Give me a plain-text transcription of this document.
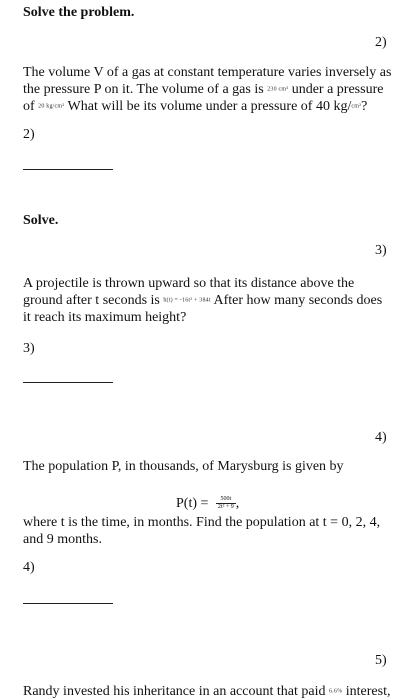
Solve the problem.
2)
The volume V of a gas at constant temperature varies inversely as the pressure P on it. The volume of a gas is 230 cm³ under a pressure of 20 kg/cm² What will be its volume under a pressure of 40 kg/cm²?
2)
Solve.
3)
A projectile is thrown upward so that its distance above the ground after t seconds is h(t) = -16t² + 384t After how many seconds does it reach its maximum height?
3)
4)
The population P, in thousands, of Marysburg is given by
$P(t) = \frac{500t}{\text{2t² + 9}}$ ,
where t is the time, in months. Find the population at t = 0, 2, 4, and 9 months.
4)
5)
Randy invested his inheritance in an account that paid 6.6% interest,
